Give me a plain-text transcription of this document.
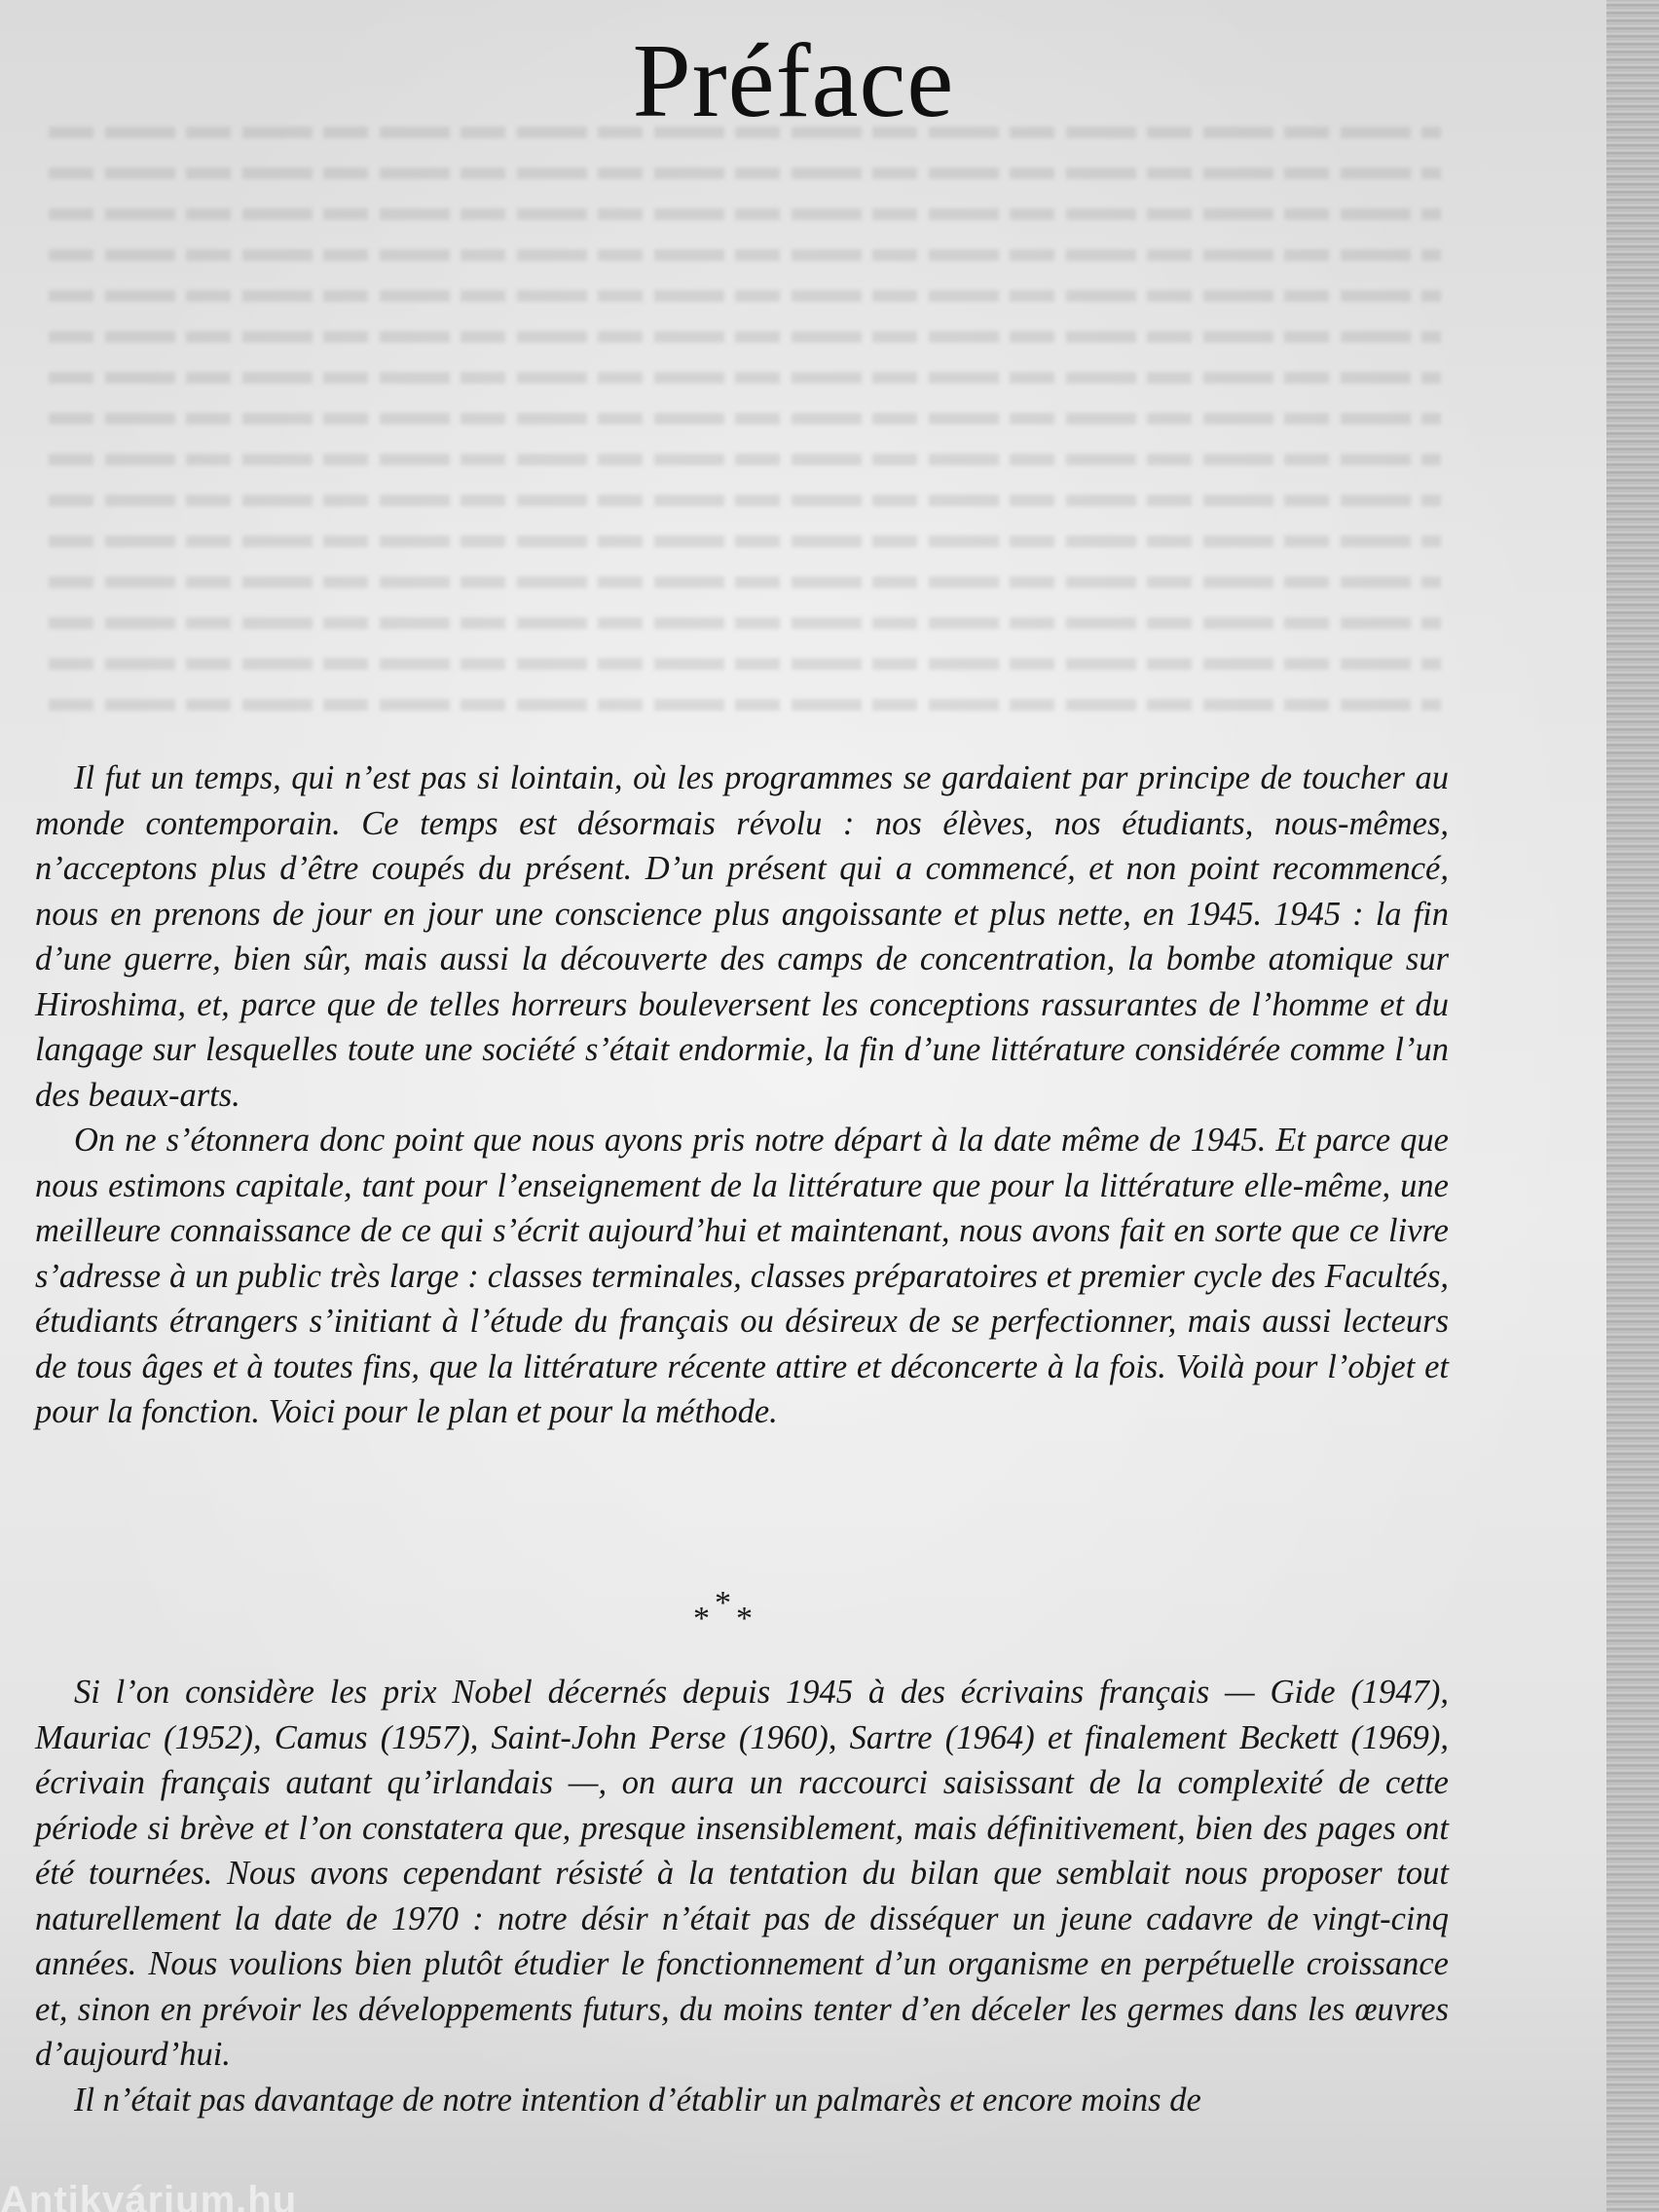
Préface

Il fut un temps, qui n’est pas si lointain, où les programmes se gardaient par principe de toucher au monde contemporain. Ce temps est désormais révolu : nos élèves, nos étudiants, nous-mêmes, n’acceptons plus d’être coupés du présent. D’un présent qui a commencé, et non point recommencé, nous en prenons de jour en jour une conscience plus angoissante et plus nette, en 1945. 1945 : la fin d’une guerre, bien sûr, mais aussi la découverte des camps de concentration, la bombe atomique sur Hiroshima, et, parce que de telles horreurs bouleversent les conceptions rassurantes de l’homme et du langage sur lesquelles toute une société s’était endormie, la fin d’une littérature considérée comme l’un des beaux-arts.

On ne s’étonnera donc point que nous ayons pris notre départ à la date même de 1945. Et parce que nous estimons capitale, tant pour l’enseignement de la littérature que pour la littérature elle-même, une meilleure connaissance de ce qui s’écrit aujourd’hui et maintenant, nous avons fait en sorte que ce livre s’adresse à un public très large : classes terminales, classes préparatoires et premier cycle des Facultés, étudiants étrangers s’initiant à l’étude du français ou désireux de se perfectionner, mais aussi lecteurs de tous âges et à toutes fins, que la littérature récente attire et déconcerte à la fois. Voilà pour l’objet et pour la fonction. Voici pour le plan et pour la méthode.

*
* *

Si l’on considère les prix Nobel décernés depuis 1945 à des écrivains français — Gide (1947), Mauriac (1952), Camus (1957), Saint-John Perse (1960), Sartre (1964) et finalement Beckett (1969), écrivain français autant qu’irlandais —, on aura un raccourci saisissant de la complexité de cette période si brève et l’on constatera que, presque insensiblement, mais définitivement, bien des pages ont été tournées. Nous avons cependant résisté à la tentation du bilan que semblait nous proposer tout naturellement la date de 1970 : notre désir n’était pas de disséquer un jeune cadavre de vingt-cinq années. Nous voulions bien plutôt étudier le fonctionnement d’un organisme en perpétuelle croissance et, sinon en prévoir les développements futurs, du moins tenter d’en déceler les germes dans les œuvres d’aujourd’hui.

Il n’était pas davantage de notre intention d’établir un palmarès et encore moins de

Antikvárium.hu
